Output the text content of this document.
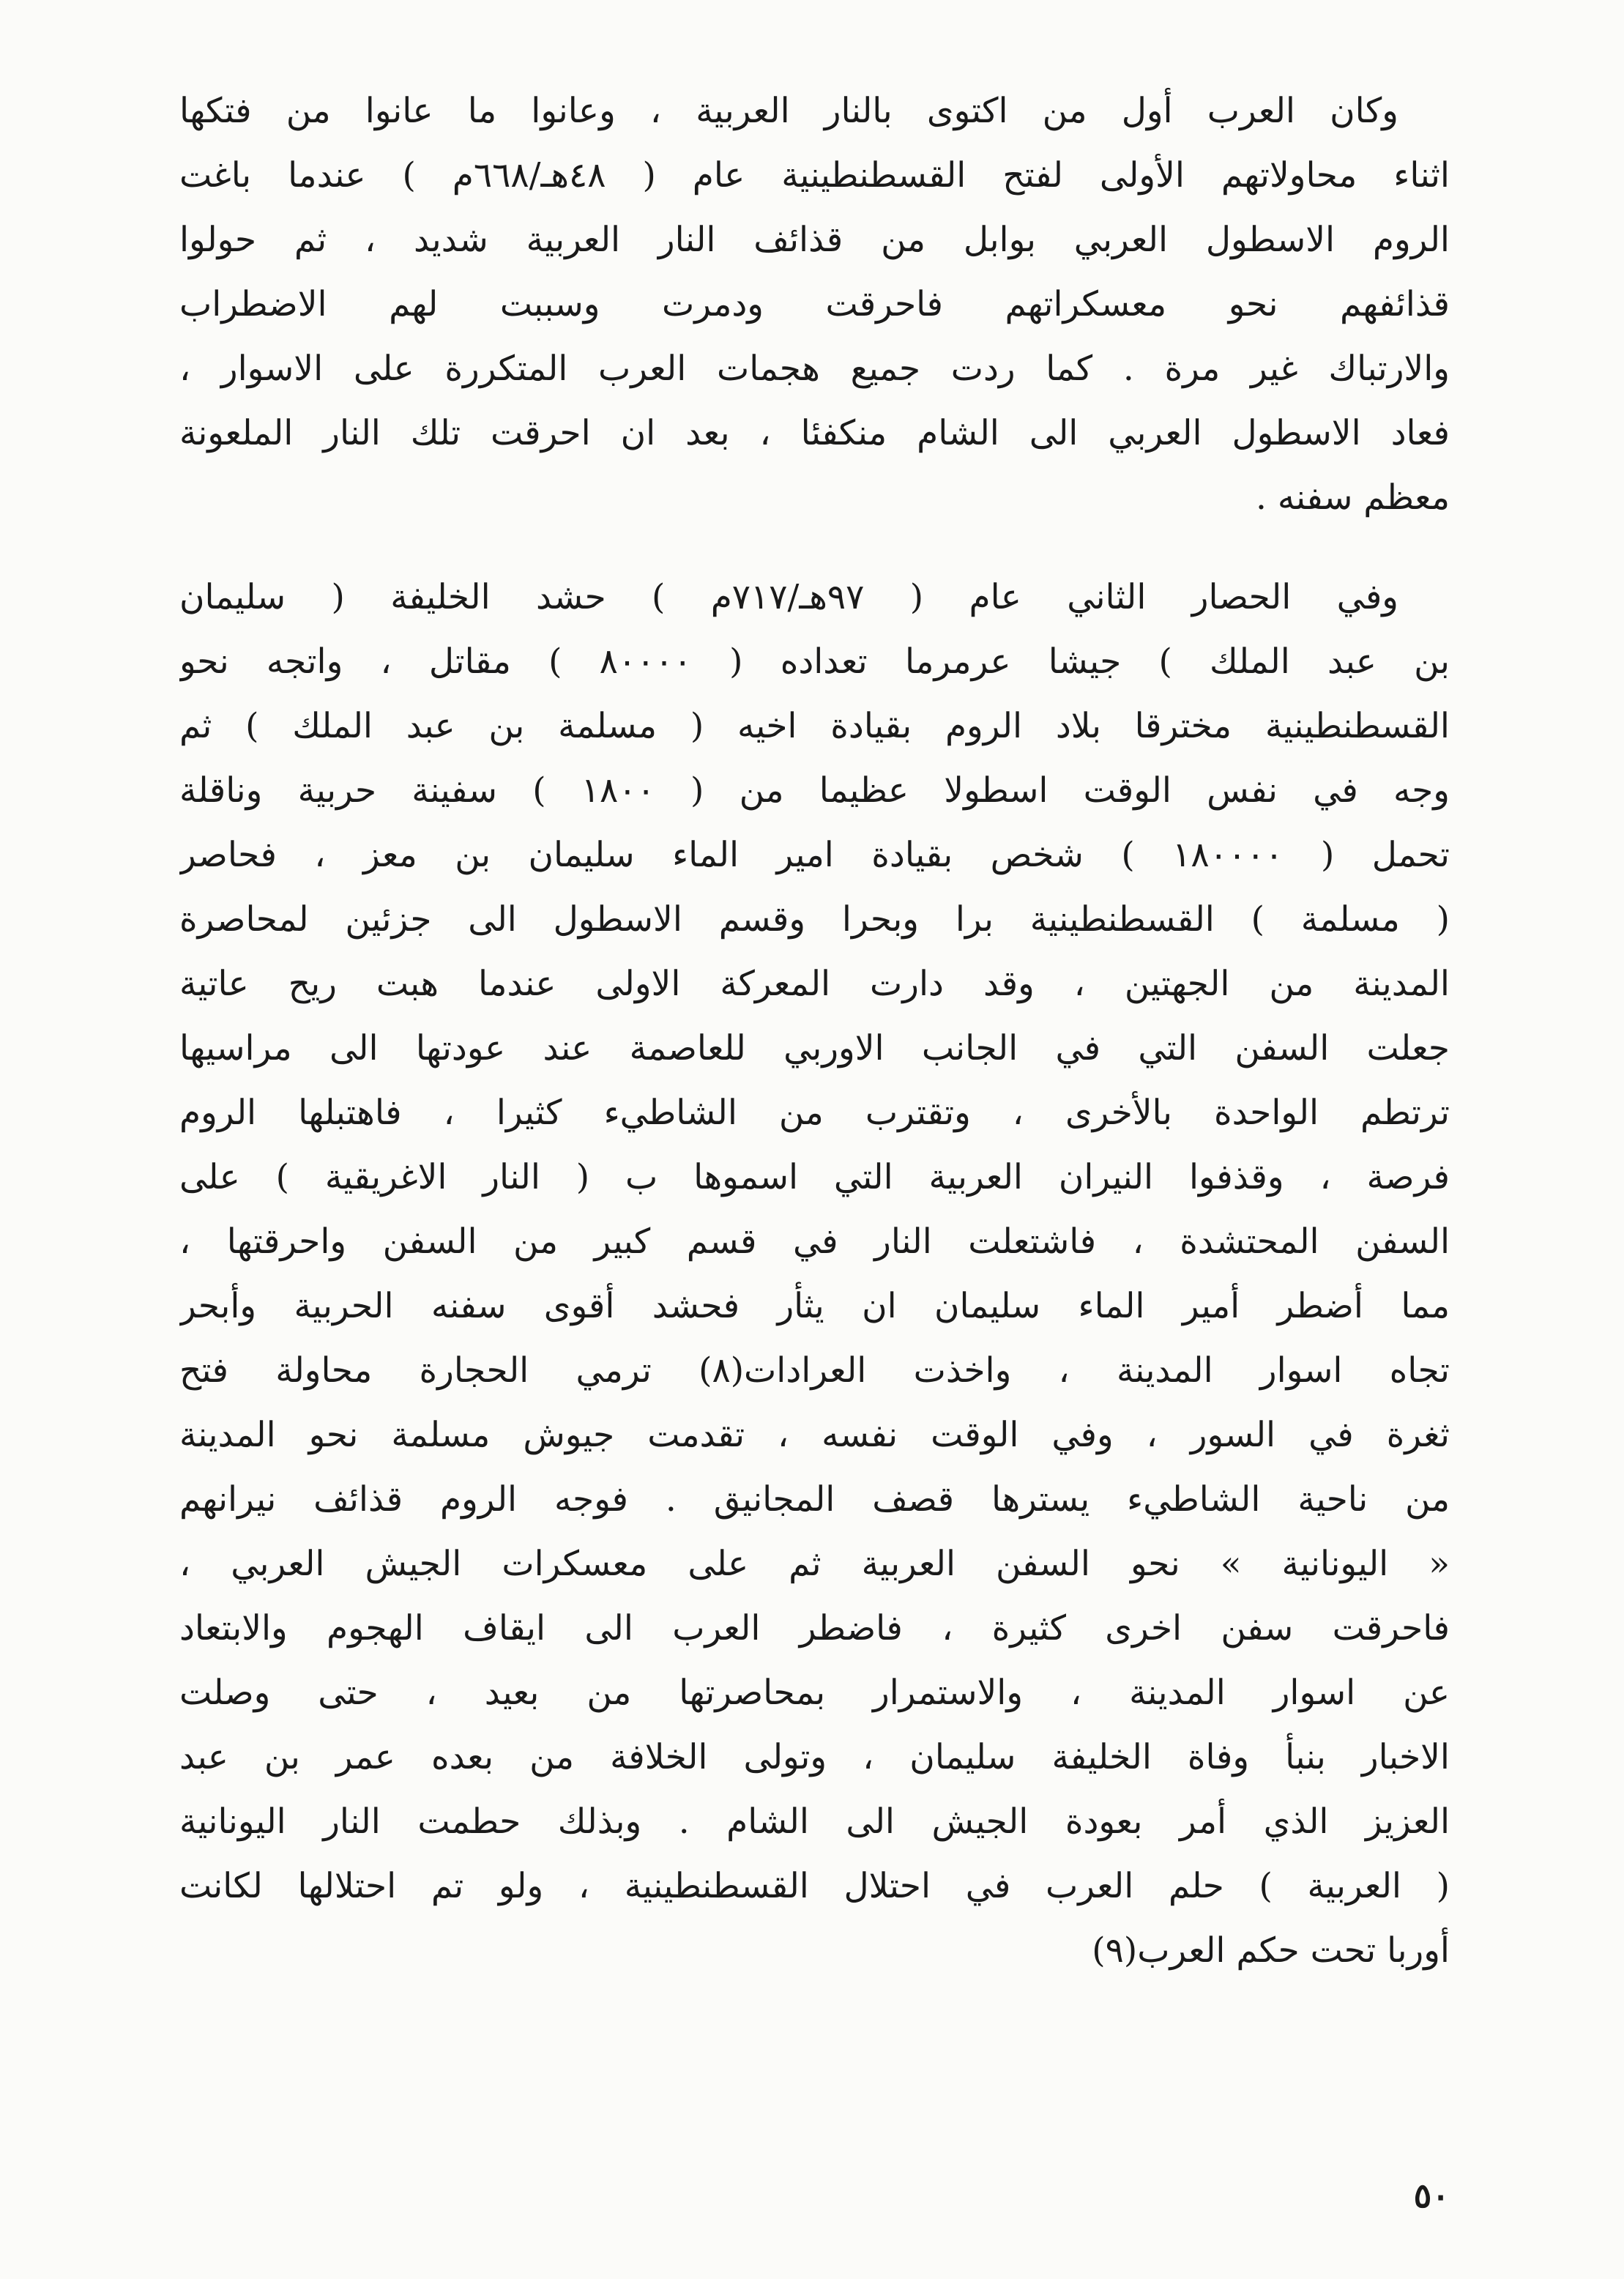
وكان العرب أول من اكتوى بالنار العربية ، وعانوا ما عانوا من فتكها
اثناء محاولاتهم الأولى لفتح القسطنطينية عام ( ٤٨هـ/٦٦٨م ) عندما باغت
الروم الاسطول العربي بوابل من قذائف النار العربية شديد ، ثم حولوا
قذائفهم نحو معسكراتهم فاحرقت ودمرت وسببت لهم الاضطراب
والارتباك غير مرة . كما ردت جميع هجمات العرب المتكررة على الاسوار ،
فعاد الاسطول العربي الى الشام منكفئا ، بعد ان احرقت تلك النار الملعونة
معظم سفنه .
وفي الحصار الثاني عام ( ٩٧هـ/٧١٧م ) حشد الخليفة ( سليمان
بن عبد الملك ) جيشا عرمرما تعداده ( ٨٠٠٠٠ ) مقاتل ، واتجه نحو
القسطنطينية مخترقا بلاد الروم بقيادة اخيه ( مسلمة بن عبد الملك ) ثم
وجه في نفس الوقت اسطولا عظيما من ( ١٨٠٠ ) سفينة حربية وناقلة
تحمل ( ١٨٠٠٠٠ ) شخص بقيادة امير الماء سليمان بن معز ، فحاصر
( مسلمة ) القسطنطينية برا وبحرا وقسم الاسطول الى جزئين لمحاصرة
المدينة من الجهتين ، وقد دارت المعركة الاولى عندما هبت ريح عاتية
جعلت السفن التي في الجانب الاوربي للعاصمة عند عودتها الى مراسيها
ترتطم الواحدة بالأخرى ، وتقترب من الشاطيء كثيرا ، فاهتبلها الروم
فرصة ، وقذفوا النيران العربية التي اسموها ب ( النار الاغريقية ) على
السفن المحتشدة ، فاشتعلت النار في قسم كبير من السفن واحرقتها ،
مما أضطر أمير الماء سليمان ان يثأر فحشد أقوى سفنه الحربية وأبحر
تجاه اسوار المدينة ، واخذت العرادات(٨) ترمي الحجارة محاولة فتح
ثغرة في السور ، وفي الوقت نفسه ، تقدمت جيوش مسلمة نحو المدينة
من ناحية الشاطيء يسترها قصف المجانيق . فوجه الروم قذائف نيرانهم
« اليونانية » نحو السفن العربية ثم على معسكرات الجيش العربي ،
فاحرقت سفن اخرى كثيرة ، فاضطر العرب الى ايقاف الهجوم والابتعاد
عن اسوار المدينة ، والاستمرار بمحاصرتها من بعيد ، حتى وصلت
الاخبار بنبأ وفاة الخليفة سليمان ، وتولى الخلافة من بعده عمر بن عبد
العزيز الذي أمر بعودة الجيش الى الشام . وبذلك حطمت النار اليونانية
( العربية ) حلم العرب في احتلال القسطنطينية ، ولو تم احتلالها لكانت
أوربا تحت حكم العرب(٩)
٥٠
